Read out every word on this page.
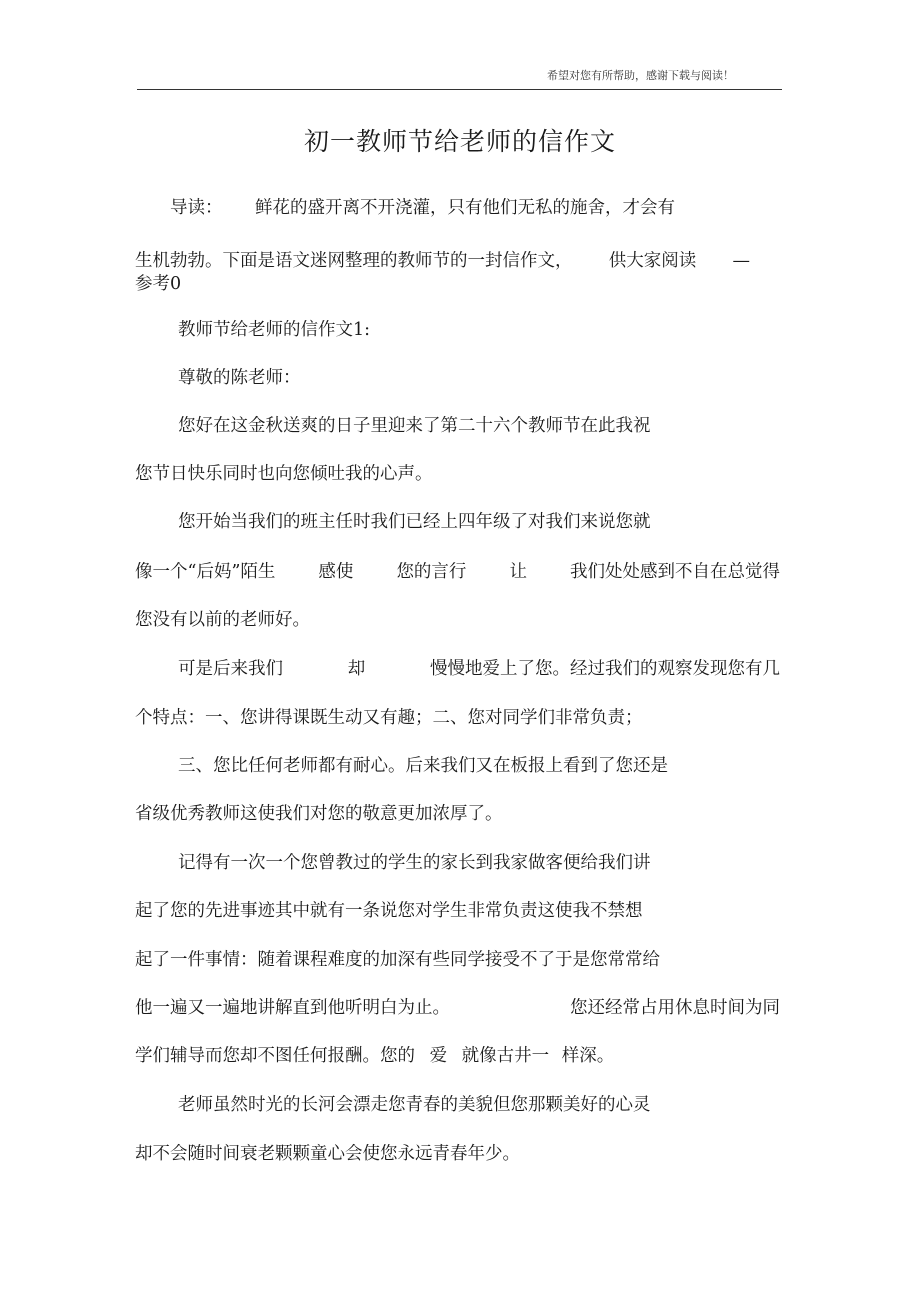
希望对您有所帮助，感谢下载与阅读！
初一教师节给老师的信作文
导读： 鲜花的盛开离不开浇灌，只有他们无私的施舍，才会有
生机勃勃。下面是语文迷网整理的教师节的一封信作文， 供大家阅读 —
参考0
教师节给老师的信作文1:
尊敬的陈老师：
您好在这金秋送爽的日子里迎来了第二十六个教师节在此我祝
您节日快乐同时也向您倾吐我的心声。
您开始当我们的班主任时我们已经上四年级了对我们来说您就
像一个“后妈”陌生 感使 您的言行 让 我们处处感到不自在总觉得
您没有以前的老师好。
可是后来我们	却	慢慢地爱上了您。经过我们的观察发现您有几
个特点：一、您讲得课既生动又有趣；二、您对同学们非常负责；
三、您比任何老师都有耐心。后来我们又在板报上看到了您还是
省级优秀教师这使我们对您的敬意更加浓厚了。
记得有一次一个您曾教过的学生的家长到我家做客便给我们讲
起了您的先进事迹其中就有一条说您对学生非常负责这使我不禁想
起了一件事情：随着课程难度的加深有些同学接受不了于是您常常给
他一遍又一遍地讲解直到他听明白为止。	您还经常占用休息时间为同
学们辅导而您却不图任何报酬。您的 爱 就像古井一 样深。
老师虽然时光的长河会漂走您青春的美貌但您那颗美好的心灵
却不会随时间衰老颗颗童心会使您永远青春年少。
